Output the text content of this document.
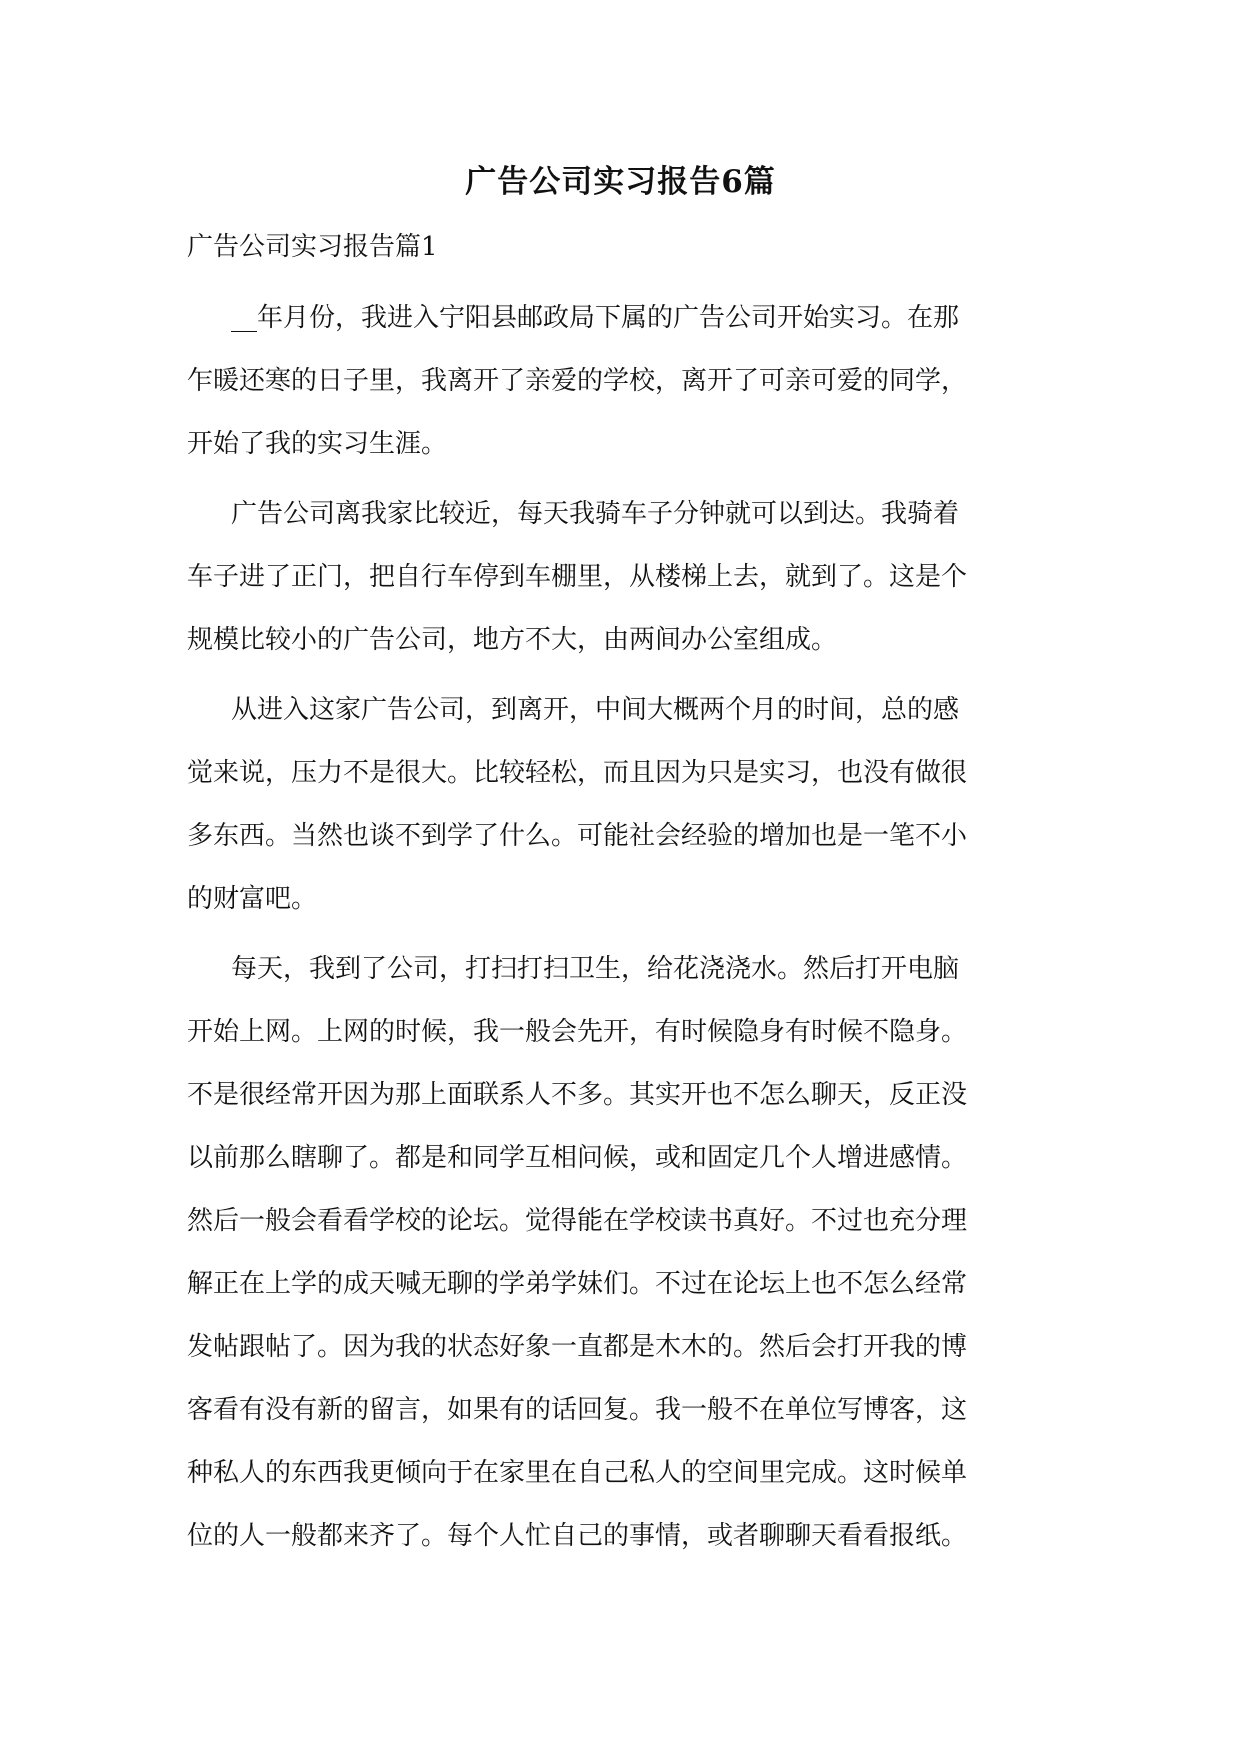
广告公司实习报告6篇
广告公司实习报告篇1

__年月份，我进入宁阳县邮政局下属的广告公司开始实习。在那
乍暖还寒的日子里，我离开了亲爱的学校，离开了可亲可爱的同学，
开始了我的实习生涯。

广告公司离我家比较近，每天我骑车子分钟就可以到达。我骑着
车子进了正门，把自行车停到车棚里，从楼梯上去，就到了。这是个
规模比较小的广告公司，地方不大，由两间办公室组成。

从进入这家广告公司，到离开，中间大概两个月的时间，总的感
觉来说，压力不是很大。比较轻松，而且因为只是实习，也没有做很
多东西。当然也谈不到学了什么。可能社会经验的增加也是一笔不小
的财富吧。

每天，我到了公司，打扫打扫卫生，给花浇浇水。然后打开电脑
开始上网。上网的时候，我一般会先开，有时候隐身有时候不隐身。
不是很经常开因为那上面联系人不多。其实开也不怎么聊天，反正没
以前那么瞎聊了。都是和同学互相问候，或和固定几个人增进感情。
然后一般会看看学校的论坛。觉得能在学校读书真好。不过也充分理
解正在上学的成天喊无聊的学弟学妹们。不过在论坛上也不怎么经常
发帖跟帖了。因为我的状态好象一直都是木木的。然后会打开我的博
客看有没有新的留言，如果有的话回复。我一般不在单位写博客，这
种私人的东西我更倾向于在家里在自己私人的空间里完成。这时候单
位的人一般都来齐了。每个人忙自己的事情，或者聊聊天看看报纸。
